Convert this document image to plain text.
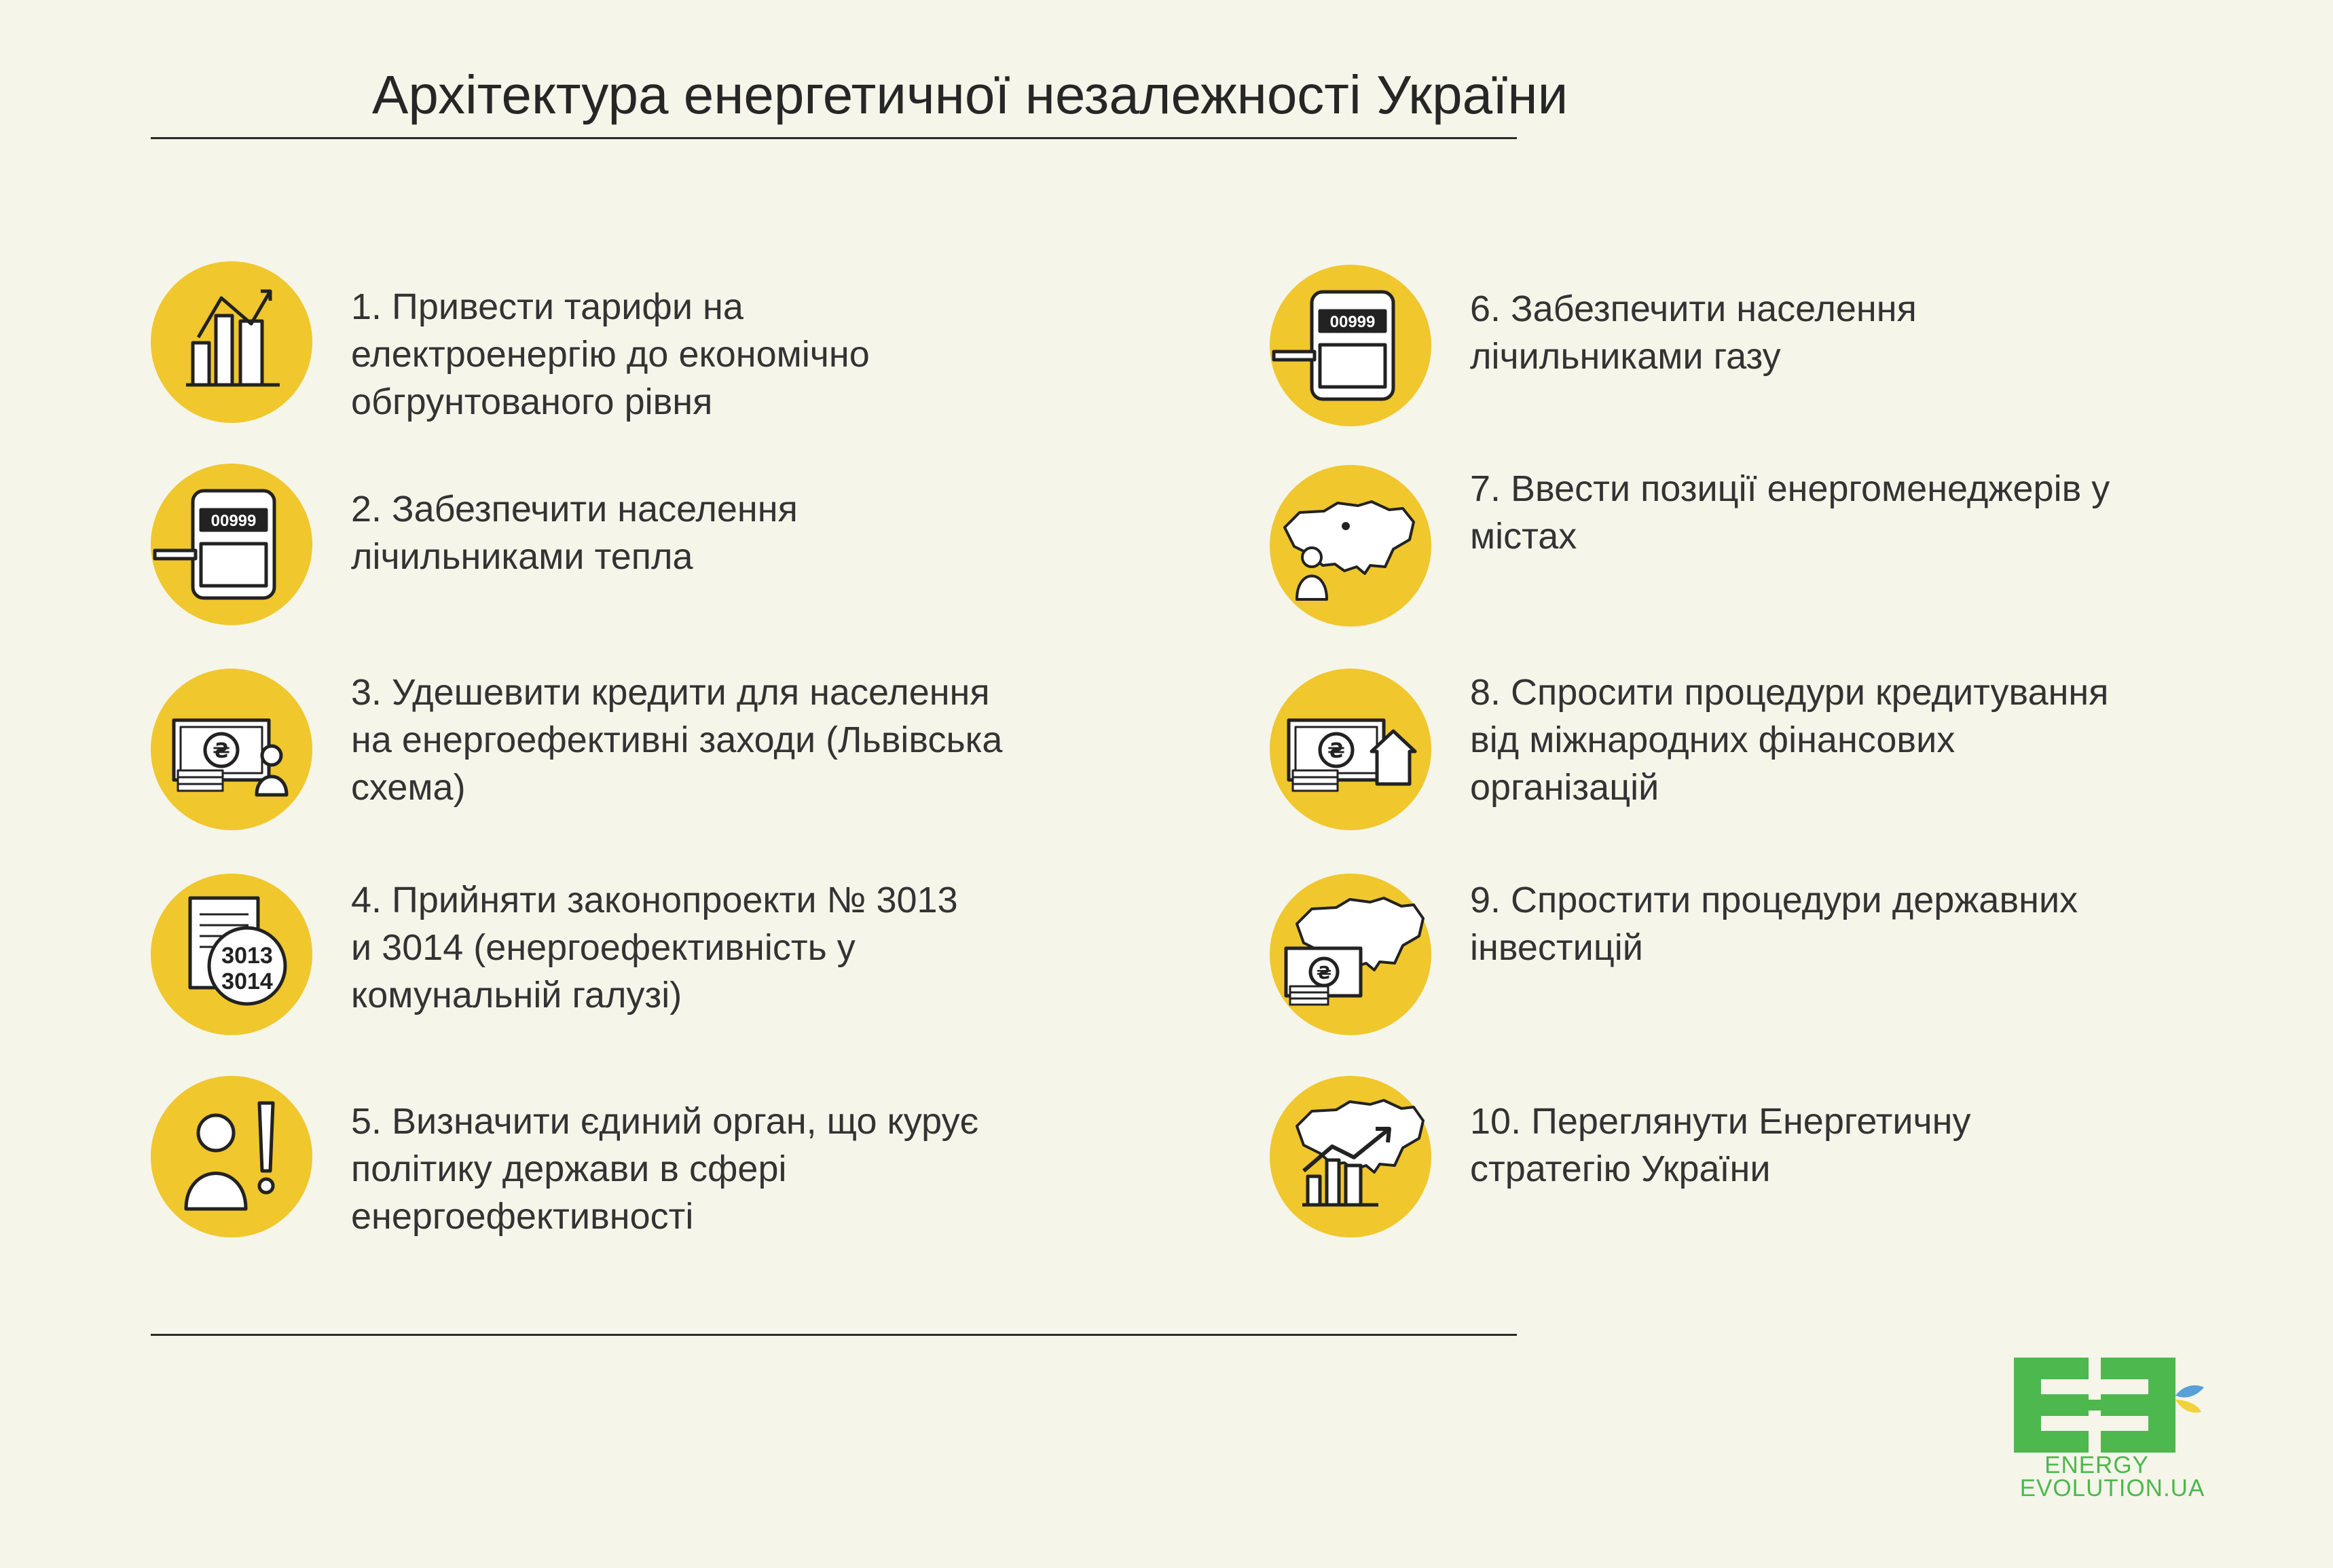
Архітектура енергетичної незалежності України
1. Привести тарифи на
електроенергію до економічно
обгрунтованого рівня
00999	2. Забезпечити населення
лічильниками тепла
₴
3. Удешевити кредити для населення
на енергоефективні заходи (Львівська
схема)
3013
3014
4. Прийняти законопроекти № 3013
и 3014 (енергоефективність у
комунальній галузі)
5. Визначити єдиний орган, що курує
політику держави в сфері
енергоефективності
00999	6. Забезпечити населення
лічильниками газу
7. Ввести позиції енергоменеджерів у
містах
₴
8. Спросити процедури кредитування
від міжнародних фінансових
організацій
₴
9. Спростити процедури державних
інвестицій
10. Переглянути Енергетичну
стратегію України
ENERGY
EVOLUTION.UA
